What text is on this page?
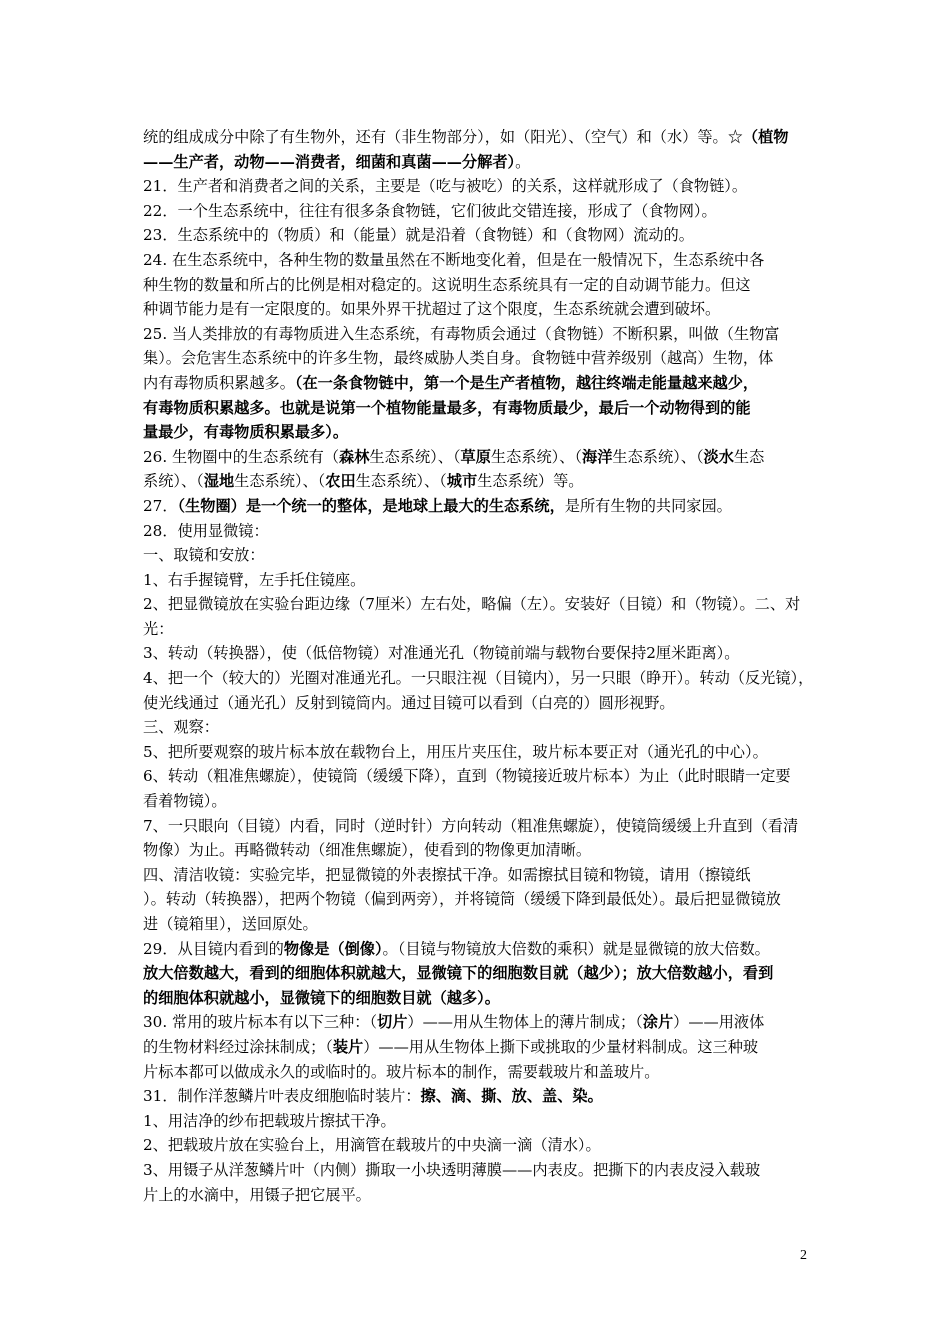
统的组成成分中除了有生物外，还有（非生物部分），如（阳光）、（空气）和（水）等。☆（植物
——生产者，动物——消费者，细菌和真菌——分解者）。
21．生产者和消费者之间的关系，主要是（吃与被吃）的关系，这样就形成了（食物链）。
22．一个生态系统中，往往有很多条食物链，它们彼此交错连接，形成了（食物网）。
23．生态系统中的（物质）和（能量）就是沿着（食物链）和（食物网）流动的。
24. 在生态系统中，各种生物的数量虽然在不断地变化着，但是在一般情况下，生态系统中各
种生物的数量和所占的比例是相对稳定的。这说明生态系统具有一定的自动调节能力。但这
种调节能力是有一定限度的。如果外界干扰超过了这个限度，生态系统就会遭到破坏。
25. 当人类排放的有毒物质进入生态系统，有毒物质会通过（食物链）不断积累，叫做（生物富
集）。会危害生态系统中的许多生物，最终威胁人类自身。食物链中营养级别（越高）生物，体
内有毒物质积累越多。（在一条食物链中，第一个是生产者植物，越往终端走能量越来越少，
有毒物质积累越多。也就是说第一个植物能量最多，有毒物质最少，最后一个动物得到的能
量最少，有毒物质积累最多）。
26. 生物圈中的生态系统有（森林生态系统）、（草原生态系统）、（海洋生态系统）、（淡水生态
系统）、（湿地生态系统）、（农田生态系统）、（城市生态系统）等。
27．（生物圈）是一个统一的整体，是地球上最大的生态系统，是所有生物的共同家园。
28．使用显微镜：
一、取镜和安放：
1、右手握镜臂，左手托住镜座。
2、把显微镜放在实验台距边缘（7厘米）左右处，略偏（左）。安装好（目镜）和（物镜）。二、对
光：
3、转动（转换器），使（低倍物镜）对准通光孔（物镜前端与载物台要保持2厘米距离）。
4、把一个（较大的）光圈对准通光孔。一只眼注视（目镜内），另一只眼（睁开）。转动（反光镜），
使光线通过（通光孔）反射到镜筒内。通过目镜可以看到（白亮的）圆形视野。
三、观察：
5、把所要观察的玻片标本放在载物台上，用压片夹压住，玻片标本要正对（通光孔的中心）。
6、转动（粗准焦螺旋），使镜筒（缓缓下降），直到（物镜接近玻片标本）为止（此时眼睛一定要
看着物镜）。
7、一只眼向（目镜）内看，同时（逆时针）方向转动（粗准焦螺旋），使镜筒缓缓上升直到（看清
物像）为止。再略微转动（细准焦螺旋），使看到的物像更加清晰。
四、清洁收镜：实验完毕，把显微镜的外表擦拭干净。如需擦拭目镜和物镜，请用（擦镜纸
）。转动（转换器），把两个物镜（偏到两旁），并将镜筒（缓缓下降到最低处）。最后把显微镜放
进（镜箱里），送回原处。
29．从目镜内看到的物像是（倒像）。（目镜与物镜放大倍数的乘积）就是显微镜的放大倍数。
放大倍数越大，看到的细胞体积就越大，显微镜下的细胞数目就（越少）；放大倍数越小，看到
的细胞体积就越小，显微镜下的细胞数目就（越多）。
30. 常用的玻片标本有以下三种：（切片）——用从生物体上的薄片制成；（涂片）——用液体
的生物材料经过涂抹制成；（装片）——用从生物体上撕下或挑取的少量材料制成。这三种玻
片标本都可以做成永久的或临时的。玻片标本的制作，需要载玻片和盖玻片。
31．制作洋葱鳞片叶表皮细胞临时装片：擦、滴、撕、放、盖、染。
1、用洁净的纱布把载玻片擦拭干净。
2、把载玻片放在实验台上，用滴管在载玻片的中央滴一滴（清水）。
3、用镊子从洋葱鳞片叶（内侧）撕取一小块透明薄膜——内表皮。把撕下的内表皮浸入载玻
片上的水滴中，用镊子把它展平。
2
